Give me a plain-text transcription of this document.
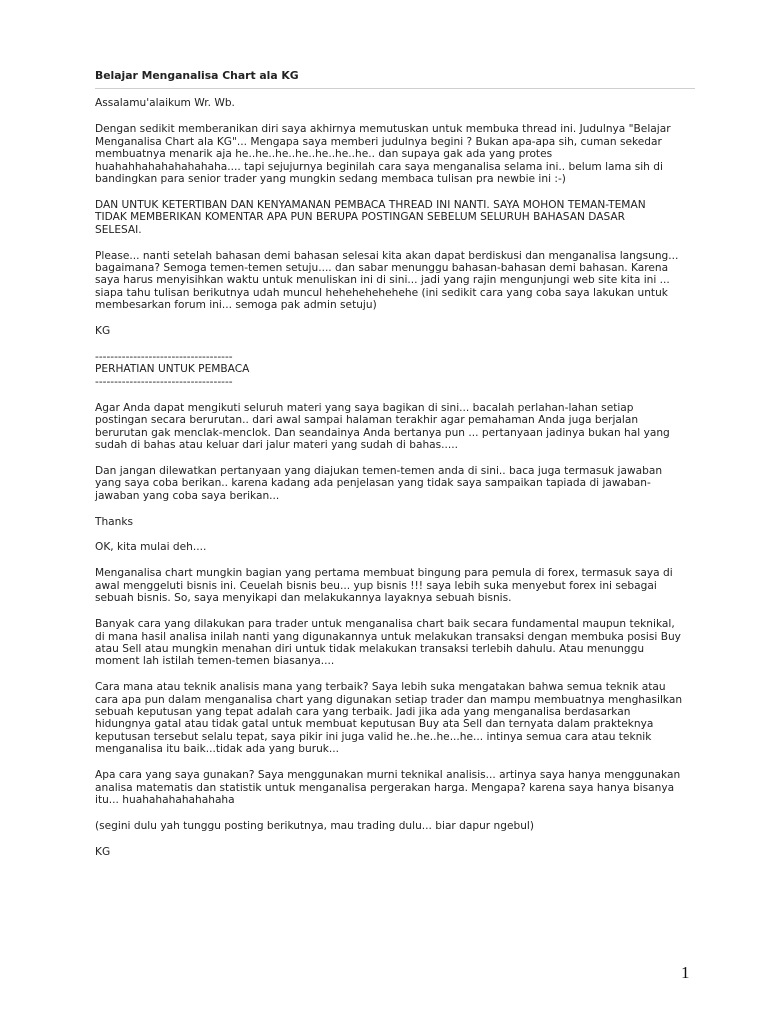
Belajar Menganalisa Chart ala KG
Assalamu'alaikum Wr. Wb.
Dengan sedikit memberanikan diri saya akhirnya memutuskan untuk membuka thread ini. Judulnya "Belajar
Menganalisa Chart ala KG"... Mengapa saya memberi judulnya begini ? Bukan apa-apa sih, cuman sekedar
membuatnya menarik aja he..he..he..he..he..he..he.. dan supaya gak ada yang protes
huahahhahahahahahaha.... tapi sejujurnya beginilah cara saya menganalisa selama ini.. belum lama sih di
bandingkan para senior trader yang mungkin sedang membaca tulisan pra newbie ini :-)
DAN UNTUK KETERTIBAN DAN KENYAMANAN PEMBACA THREAD INI NANTI. SAYA MOHON TEMAN-TEMAN
TIDAK MEMBERIKAN KOMENTAR APA PUN BERUPA POSTINGAN SEBELUM SELURUH BAHASAN DASAR
SELESAI.
Please... nanti setelah bahasan demi bahasan selesai kita akan dapat berdiskusi dan menganalisa langsung...
bagaimana? Semoga temen-temen setuju.... dan sabar menunggu bahasan-bahasan demi bahasan. Karena
saya harus menyisihkan waktu untuk menuliskan ini di sini... jadi yang rajin mengunjungi web site kita ini ...
siapa tahu tulisan berikutnya udah muncul hehehehehehehe (ini sedikit cara yang coba saya lakukan untuk
membesarkan forum ini... semoga pak admin setuju)
KG
------------------------------------
PERHATIAN UNTUK PEMBACA
------------------------------------
Agar Anda dapat mengikuti seluruh materi yang saya bagikan di sini... bacalah perlahan-lahan setiap
postingan secara berurutan.. dari awal sampai halaman terakhir agar pemahaman Anda juga berjalan
berurutan gak menclak-menclok. Dan seandainya Anda bertanya pun ... pertanyaan jadinya bukan hal yang
sudah di bahas atau keluar dari jalur materi yang sudah di bahas.....
Dan jangan dilewatkan pertanyaan yang diajukan temen-temen anda di sini.. baca juga termasuk jawaban
yang saya coba berikan.. karena kadang ada penjelasan yang tidak saya sampaikan tapiada di jawaban-
jawaban yang coba saya berikan...
Thanks

OK, kita mulai deh....
Menganalisa chart mungkin bagian yang pertama membuat bingung para pemula di forex, termasuk saya di
awal menggeluti bisnis ini. Ceuelah bisnis beu... yup bisnis !!! saya lebih suka menyebut forex ini sebagai
sebuah bisnis. So, saya menyikapi dan melakukannya layaknya sebuah bisnis.
Banyak cara yang dilakukan para trader untuk menganalisa chart baik secara fundamental maupun teknikal,
di mana hasil analisa inilah nanti yang digunakannya untuk melakukan transaksi dengan membuka posisi Buy
atau Sell atau mungkin menahan diri untuk tidak melakukan transaksi terlebih dahulu. Atau menunggu
moment lah istilah temen-temen biasanya....
Cara mana atau teknik analisis mana yang terbaik? Saya lebih suka mengatakan bahwa semua teknik atau
cara apa pun dalam menganalisa chart yang digunakan setiap trader dan mampu membuatnya menghasilkan
sebuah keputusan yang tepat adalah cara yang terbaik. Jadi jika ada yang menganalisa berdasarkan
hidungnya gatal atau tidak gatal untuk membuat keputusan Buy ata Sell dan ternyata dalam prakteknya
keputusan tersebut selalu tepat, saya pikir ini juga valid he..he..he...he... intinya semua cara atau teknik
menganalisa itu baik...tidak ada yang buruk...
Apa cara yang saya gunakan? Saya menggunakan murni teknikal analisis... artinya saya hanya menggunakan
analisa matematis dan statistik untuk menganalisa pergerakan harga. Mengapa? karena saya hanya bisanya
itu... huahahahahahahaha
(segini dulu yah tunggu posting berikutnya, mau trading dulu... biar dapur ngebul)
KG
1
